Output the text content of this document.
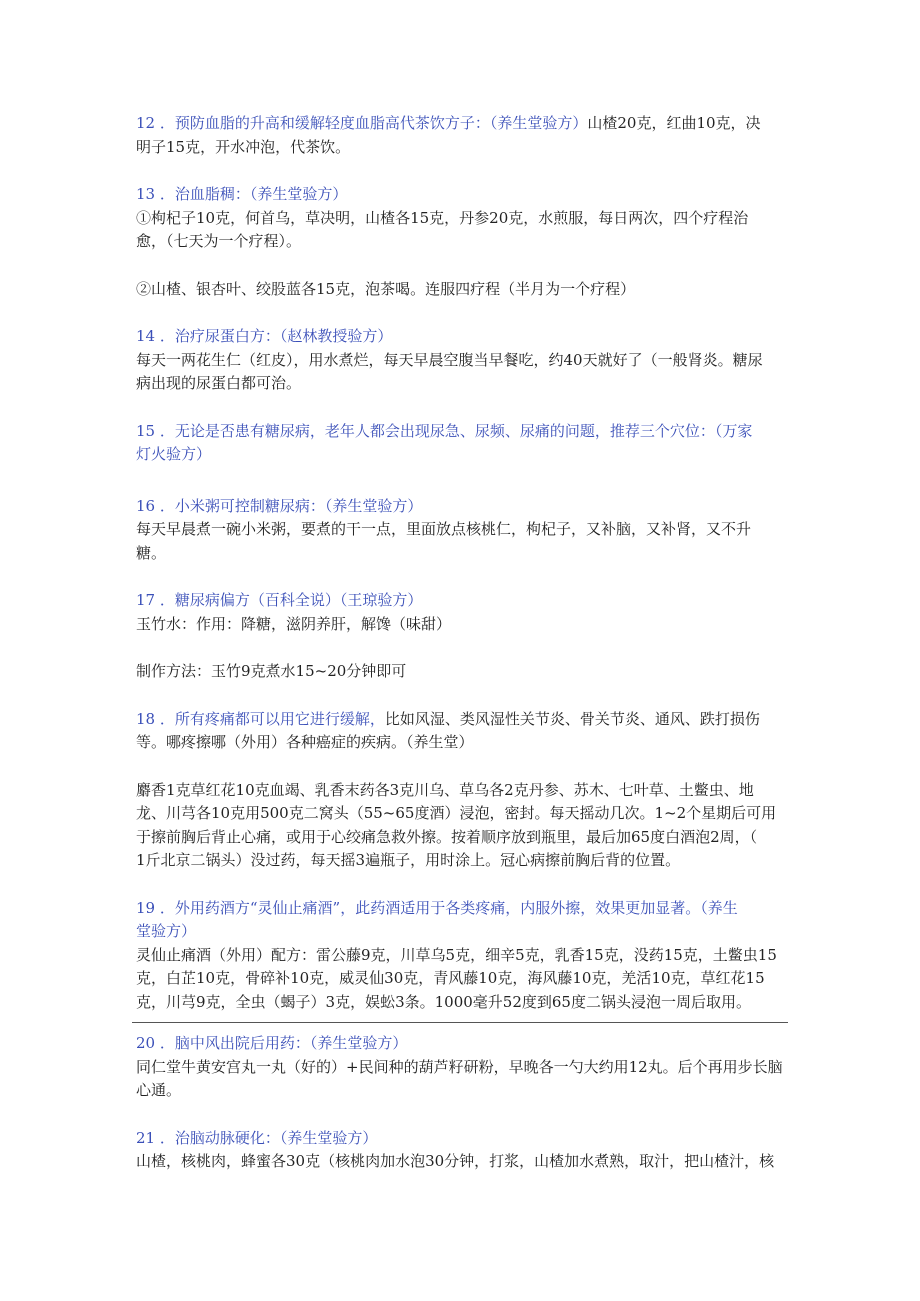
12 ．预防血脂的升高和缓解轻度血脂高代茶饮方子：（养生堂验方）山楂20克，红曲10克，决

明子15克，开水冲泡，代茶饮。

13 ．治血脂稠：（养生堂验方）

①枸杞子10克，何首乌，草决明，山楂各15克，丹参20克，水煎服，每日两次，四个疗程治

愈，（七天为一个疗程）。

②山楂、银杏叶、绞股蓝各15克，泡茶喝。连服四疗程（半月为一个疗程）

14 ．治疗尿蛋白方：（赵林教授验方）

每天一两花生仁（红皮），用水煮烂，每天早晨空腹当早餐吃，约40天就好了（一般肾炎。糖尿

病出现的尿蛋白都可治。

15 ．无论是否患有糖尿病，老年人都会出现尿急、尿频、尿痛的问题，推荐三个穴位：（万家

灯火验方）

16 ．小米粥可控制糖尿病：（养生堂验方）

每天早晨煮一碗小米粥，要煮的干一点，里面放点核桃仁，枸杞子，又补脑，又补肾，又不升

糖。

17 ．糖尿病偏方（百科全说）（王琼验方）

玉竹水：作用：降糖，滋阴养肝，解馋（味甜）

制作方法：玉竹9克煮水15~20分钟即可

18 ．所有疼痛都可以用它进行缓解，比如风湿、类风湿性关节炎、骨关节炎、通风、跌打损伤

等。哪疼擦哪（外用）各种癌症的疾病。（养生堂）

麝香1克草红花10克血竭、乳香末药各3克川乌、草乌各2克丹参、苏木、七叶草、土鳖虫、地

龙、川芎各10克用500克二窝头（55~65度酒）浸泡，密封。每天摇动几次。1~2个星期后可用

于擦前胸后背止心痛，或用于心绞痛急救外擦。按着顺序放到瓶里，最后加65度白酒泡2周，（

1斤北京二锅头）没过药，每天摇3遍瓶子，用时涂上。冠心病擦前胸后背的位置。

19 ．外用药酒方“灵仙止痛酒”，此药酒适用于各类疼痛，内服外擦，效果更加显著。（养生

堂验方）

灵仙止痛酒（外用）配方：雷公藤9克，川草乌5克，细辛5克，乳香15克，没药15克，土鳖虫15

克，白芷10克，骨碎补10克，威灵仙30克，青风藤10克，海风藤10克，羌活10克，草红花15

克，川芎9克，全虫（蝎子）3克，娱蚣3条。1000毫升52度到65度二锅头浸泡一周后取用。

20 ．脑中风出院后用药：（养生堂验方）

同仁堂牛黄安宫丸一丸（好的）+民间种的葫芦籽研粉，早晚各一勺大约用12丸。后个再用步长脑

心通。

21 ．治脑动脉硬化：（养生堂验方）

山楂，核桃肉，蜂蜜各30克（核桃肉加水泡30分钟，打浆，山楂加水煮熟，取汁，把山楂汁，核
